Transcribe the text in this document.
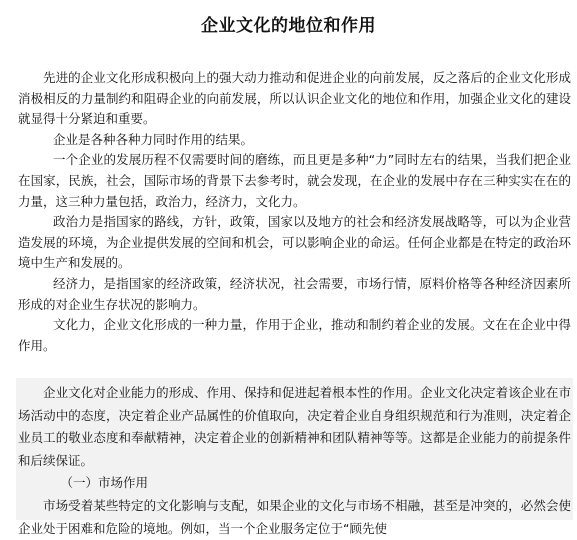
企业文化的地位和作用

先进的企业文化形成积极向上的强大动力推动和促进企业的向前发展，反之落后的企业文化形成消极相反的力量制约和阻碍企业的向前发展，所以认识企业文化的地位和作用，加强企业文化的建设就显得十分紧迫和重要。

企业是各种各种力同时作用的结果。

一个企业的发展历程不仅需要时间的磨练，而且更是多种“力”同时左右的结果，当我们把企业在国家，民族，社会，国际市场的背景下去参考时，就会发现，在企业的发展中存在三种实实在在的力量，这三种力量包括，政治力，经济力，文化力。

政治力是指国家的路线，方针，政策，国家以及地方的社会和经济发展战略等，可以为企业营造发展的环境，为企业提供发展的空间和机会，可以影响企业的命运。任何企业都是在特定的政治环境中生产和发展的。

经济力，是指国家的经济政策，经济状况，社会需要，市场行情，原料价格等各种经济因素所形成的对企业生存状况的影响力。

文化力，企业文化形成的一种力量，作用于企业，推动和制约着企业的发展。文在在企业中得作用。

企业文化对企业能力的形成、作用、保持和促进起着根本性的作用。企业文化决定着该企业在市场活动中的态度，决定着企业产品属性的价值取向，决定着企业自身组织规范和行为准则，决定着企业员工的敬业态度和奉献精神，决定着企业的创新精神和团队精神等等。这都是企业能力的前提条件和后续保证。

（一）市场作用

市场受着某些特定的文化影响与支配，如果企业的文化与市场不相融，甚至是冲突的，必然会使企业处于困难和危险的境地。例如，当一个企业服务定位于“顾先使
